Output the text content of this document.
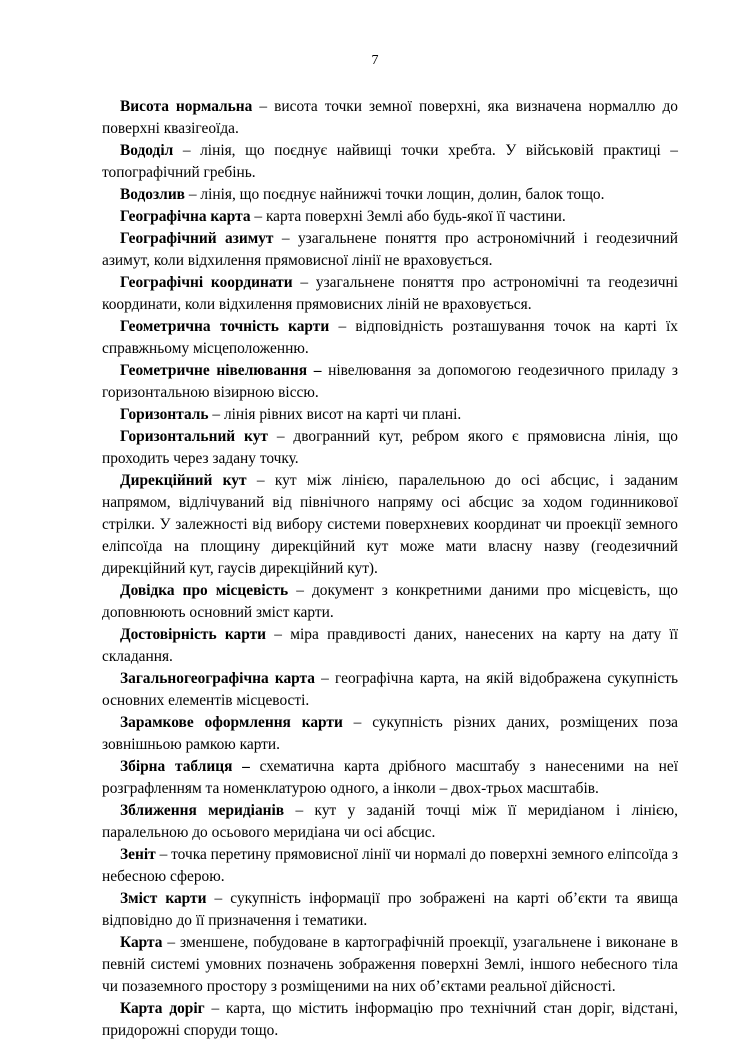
7

Висота нормальна – висота точки земної поверхні, яка визначена нормаллю до поверхні квазігеоїда.

Вододіл – лінія, що поєднує найвищі точки хребта. У військовій практиці – топографічний гребінь.

Водозлив – лінія, що поєднує найнижчі точки лощин, долин, балок тощо.

Географічна карта – карта поверхні Землі або будь-якої її частини.

Географічний азимут – узагальнене поняття про астрономічний і геодезичний азимут, коли відхилення прямовисної лінії не враховується.

Географічні координати – узагальнене поняття про астрономічні та геодезичні координати, коли відхилення прямовисних ліній не враховується.

Геометрична точність карти – відповідність розташування точок на карті їх справжньому місцеположенню.

Геометричне нівелювання – нівелювання за допомогою геодезичного приладу з горизонтальною візирною віссю.

Горизонталь – лінія рівних висот на карті чи плані.

Горизонтальний кут – двогранний кут, ребром якого є прямовисна лінія, що проходить через задану точку.

Дирекційний кут – кут між лінією, паралельною до осі абсцис, і заданим напрямом, відлічуваний від північного напряму осі абсцис за ходом годинникової стрілки. У залежності від вибору системи поверхневих координат чи проекції земного еліпсоїда на площину дирекційний кут може мати власну назву (геодезичний дирекційний кут, гаусів дирекційний кут).

Довідка про місцевість – документ з конкретними даними про місцевість, що доповнюють основний зміст карти.

Достовірність карти – міра правдивості даних, нанесених на карту на дату її складання.

Загальногеографічна карта – географічна карта, на якій відображена сукупність основних елементів місцевості.

Зарамкове оформлення карти – сукупність різних даних, розміщених поза зовнішньою рамкою карти.

Збірна таблиця – схематична карта дрібного масштабу з нанесеними на неї розграфленням та номенклатурою одного, а інколи – двох-трьох масштабів.

Зближення меридіанів – кут у заданій точці між її меридіаном і лінією, паралельною до осьового меридіана чи осі абсцис.

Зеніт – точка перетину прямовисної лінії чи нормалі до поверхні земного еліпсоїда з небесною сферою.

Зміст карти – сукупність інформації про зображені на карті об’єкти та явища відповідно до її призначення і тематики.

Карта – зменшене, побудоване в картографічній проекції, узагальнене і виконане в певній системі умовних позначень зображення поверхні Землі, іншого небесного тіла чи позаземного простору з розміщеними на них об’єктами реальної дійсності.

Карта доріг – карта, що містить інформацію про технічний стан доріг, відстані, придорожні споруди тощо.
